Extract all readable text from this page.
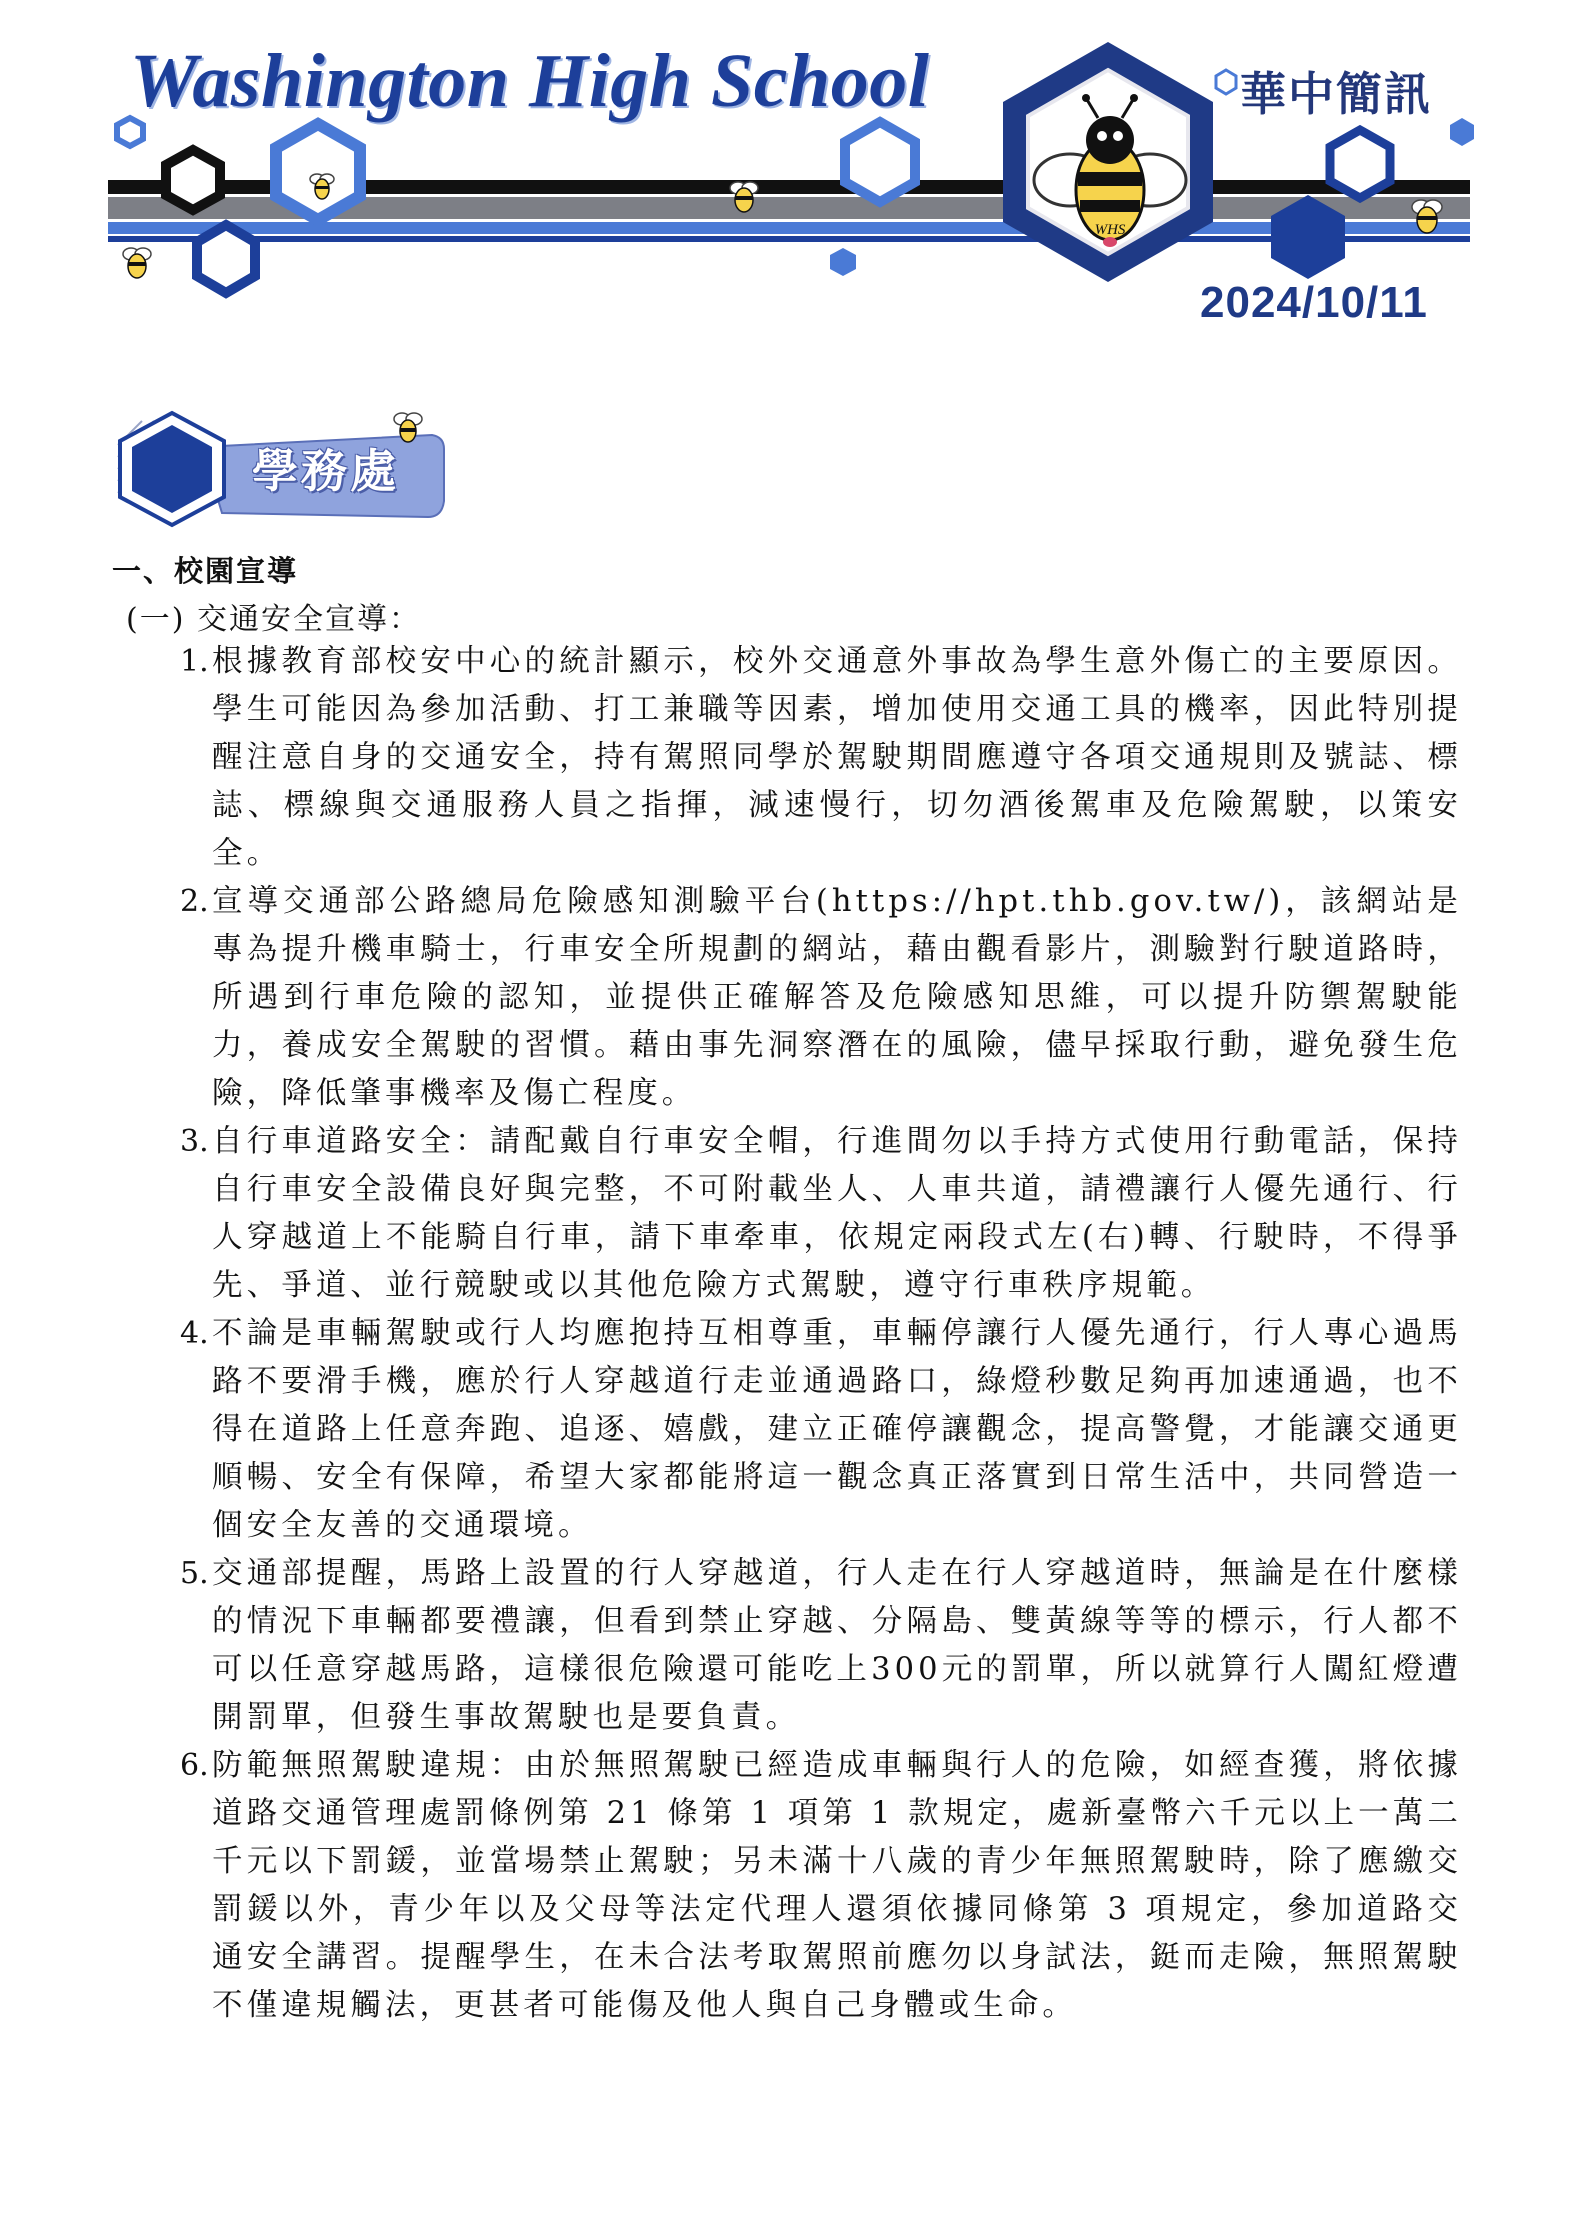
WHS
Washington High School	華中簡訊
2024/10/11
學務處
一、校園宣導
(一) 交通安全宣導：
1. 根據教育部校安中心的統計顯示，校外交通意外事故為學生意外傷亡的主要原因。學生可能因為參加活動、打工兼職等因素，增加使用交通工具的機率，因此特別提醒注意自身的交通安全，持有駕照同學於駕駛期間應遵守各項交通規則及號誌、標誌、標線與交通服務人員之指揮，減速慢行，切勿酒後駕車及危險駕駛，以策安全。

2. 宣導交通部公路總局危險感知測驗平台(https://hpt.thb.gov.tw/)，該網站是專為提升機車騎士，行車安全所規劃的網站，藉由觀看影片，測驗對行駛道路時，所遇到行車危險的認知，並提供正確解答及危險感知思維，可以提升防禦駕駛能力，養成安全駕駛的習慣。藉由事先洞察潛在的風險，儘早採取行動，避免發生危險，降低肇事機率及傷亡程度。

3. 自行車道路安全：請配戴自行車安全帽，行進間勿以手持方式使用行動電話，保持自行車安全設備良好與完整，不可附載坐人、人車共道，請禮讓行人優先通行、行人穿越道上不能騎自行車，請下車牽車，依規定兩段式左(右)轉、行駛時，不得爭先、爭道、並行競駛或以其他危險方式駕駛，遵守行車秩序規範。

4. 不論是車輛駕駛或行人均應抱持互相尊重，車輛停讓行人優先通行，行人專心過馬路不要滑手機，應於行人穿越道行走並通過路口，綠燈秒數足夠再加速通過，也不得在道路上任意奔跑、追逐、嬉戲，建立正確停讓觀念，提高警覺，才能讓交通更順暢、安全有保障，希望大家都能將這一觀念真正落實到日常生活中，共同營造一個安全友善的交通環境。

5. 交通部提醒，馬路上設置的行人穿越道，行人走在行人穿越道時，無論是在什麼樣的情況下車輛都要禮讓，但看到禁止穿越、分隔島、雙黃線等等的標示，行人都不可以任意穿越馬路，這樣很危險還可能吃上300元的罰單，所以就算行人闖紅燈遭開罰單，但發生事故駕駛也是要負責。

6. 防範無照駕駛違規：由於無照駕駛已經造成車輛與行人的危險，如經查獲，將依據道路交通管理處罰條例第 21 條第 1 項第 1 款規定，處新臺幣六千元以上一萬二千元以下罰鍰，並當場禁止駕駛；另未滿十八歲的青少年無照駕駛時，除了應繳交罰鍰以外，青少年以及父母等法定代理人還須依據同條第 3 項規定，參加道路交通安全講習。提醒學生，在未合法考取駕照前應勿以身試法，鋌而走險，無照駕駛不僅違規觸法，更甚者可能傷及他人與自己身體或生命。
